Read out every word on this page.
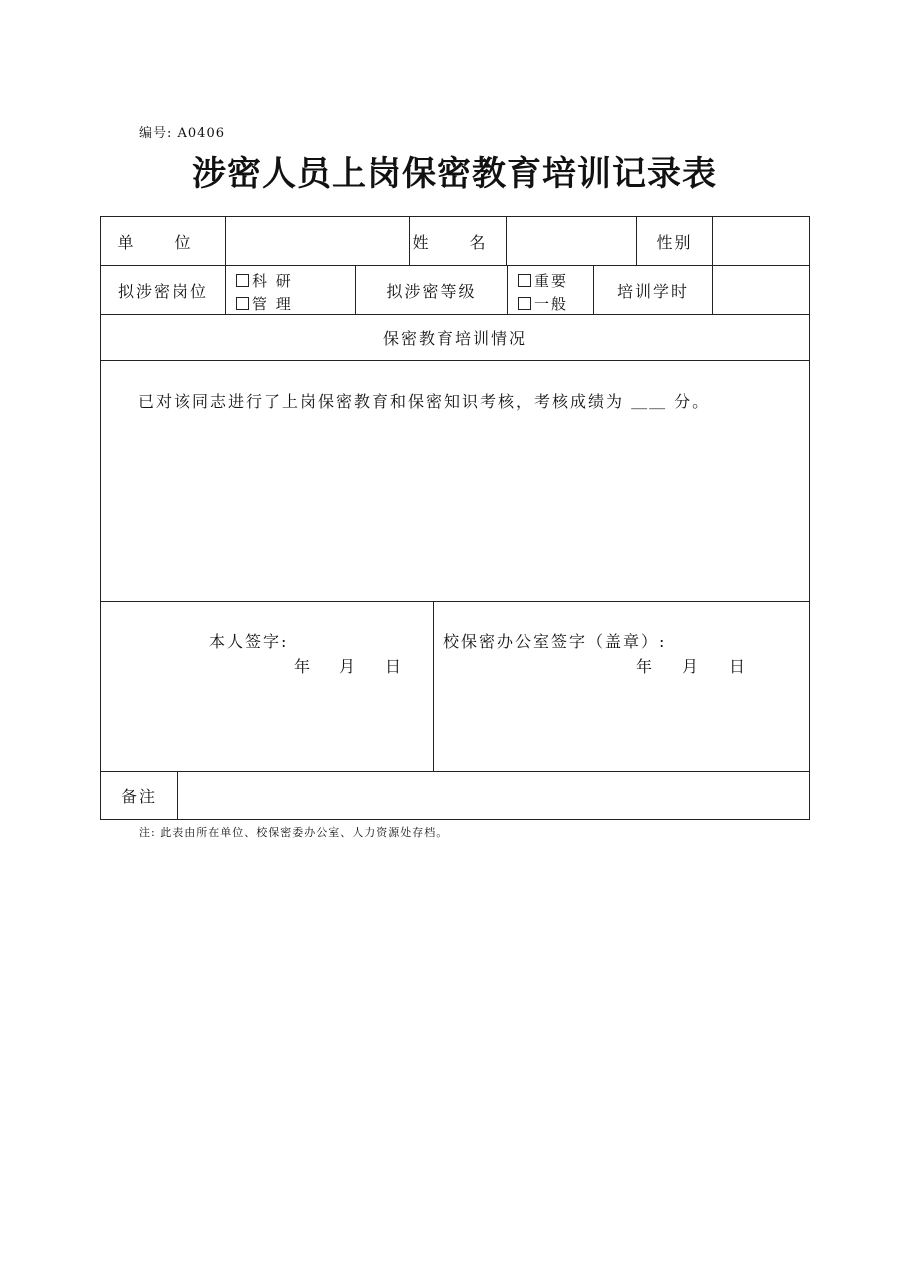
编号: A0406
涉密人员上岗保密教育培训记录表
单 位	姓 名	性别
拟涉密岗位
科 研
管 理
拟涉密等级
重要
一般
培训学时
保密教育培训情况
已对该同志进行了上岗保密教育和保密知识考核，考核成绩为 ＿＿ 分。
本人签字:
年 月 日
校保密办公室签字（盖章）:
年 月 日
备注
注: 此表由所在单位、校保密委办公室、人力资源处存档。
